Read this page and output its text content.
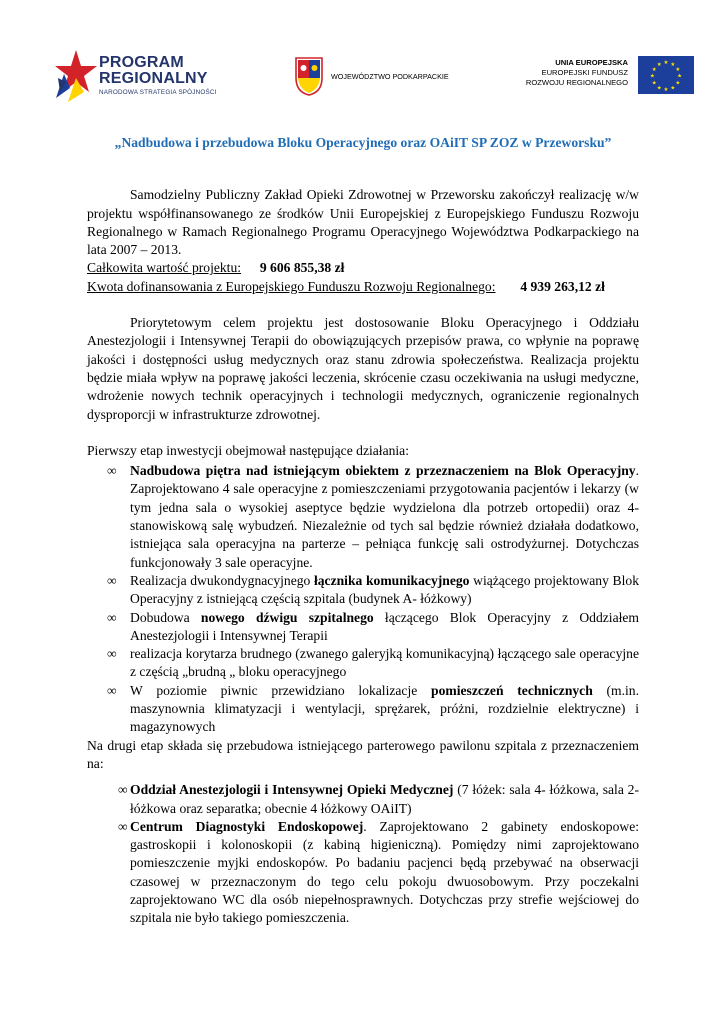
PROGRAM
REGIONALNY
NARODOWA STRATEGIA SPÓJNOŚCI
WOJEWÓDZTWO PODKARPACKIE
UNIA EUROPEJSKA
EUROPEJSKI FUNDUSZ
ROZWOJU REGIONALNEGO
★ ★
★
★
★
★
★
★
★
★
★
★

„Nadbudowa i przebudowa Bloku Operacyjnego oraz OAiIT SP ZOZ w Przeworsku”

Samodzielny Publiczny Zakład Opieki Zdrowotnej w Przeworsku zakończył realizację w/w projektu współfinansowanego ze środków Unii Europejskiej z Europejskiego Funduszu Rozwoju Regionalnego w Ramach Regionalnego Programu Operacyjnego Województwa Podkarpackiego na lata 2007 – 2013.

Całkowita wartość projektu: 9 606 855,38 zł

Kwota dofinansowania z Europejskiego Funduszu Rozwoju Regionalnego: 4 939 263,12 zł

Priorytetowym celem projektu jest dostosowanie Bloku Operacyjnego i Oddziału Anestezjologii i Intensywnej Terapii do obowiązujących przepisów prawa, co wpłynie na poprawę jakości i dostępności usług medycznych oraz stanu zdrowia społeczeństwa. Realizacja projektu będzie miała wpływ na poprawę jakości leczenia, skrócenie czasu oczekiwania na usługi medyczne, wdrożenie nowych technik operacyjnych i technologii medycznych, ograniczenie regionalnych dysproporcji w infrastrukturze zdrowotnej.

Pierwszy etap inwestycji obejmował następujące działania:

∞ Nadbudowa piętra nad istniejącym obiektem z przeznaczeniem na Blok Operacyjny. Zaprojektowano 4 sale operacyjne z pomieszczeniami przygotowania pacjentów i lekarzy (w tym jedna sala o wysokiej aseptyce będzie wydzielona dla potrzeb ortopedii) oraz 4-stanowiskową salę wybudzeń. Niezależnie od tych sal będzie również działała dodatkowo, istniejąca sala operacyjna na parterze – pełniąca funkcję sali ostrodyżurnej. Dotychczas funkcjonowały 3 sale operacyjne.
∞ Realizacja dwukondygnacyjnego łącznika komunikacyjnego wiążącego projektowany Blok Operacyjny z istniejącą częścią szpitala (budynek A- łóżkowy)
∞ Dobudowa nowego dźwigu szpitalnego łączącego Blok Operacyjny z Oddziałem Anestezjologii i Intensywnej Terapii
∞ realizacja korytarza brudnego (zwanego galeryjką komunikacyjną) łączącego sale operacyjne z częścią „brudną „ bloku operacyjnego
∞ W poziomie piwnic przewidziano lokalizacje pomieszczeń technicznych (m.in. maszynownia klimatyzacji i wentylacji, sprężarek, próżni, rozdzielnie elektryczne) i magazynowych

Na drugi etap składa się przebudowa istniejącego parterowego pawilonu szpitala z przeznaczeniem na:

∞ Oddział Anestezjologii i Intensywnej Opieki Medycznej (7 łóżek: sala 4- łóżkowa, sala 2- łóżkowa oraz separatka; obecnie 4 łóżkowy OAiIT)
∞ Centrum Diagnostyki Endoskopowej. Zaprojektowano 2 gabinety endoskopowe: gastroskopii i kolonoskopii (z kabiną higieniczną). Pomiędzy nimi zaprojektowano pomieszczenie myjki endoskopów. Po badaniu pacjenci będą przebywać na obserwacji czasowej w przeznaczonym do tego celu pokoju dwuosobowym. Przy poczekalni zaprojektowano WC dla osób niepełnosprawnych. Dotychczas przy strefie wejściowej do szpitala nie było takiego pomieszczenia.
